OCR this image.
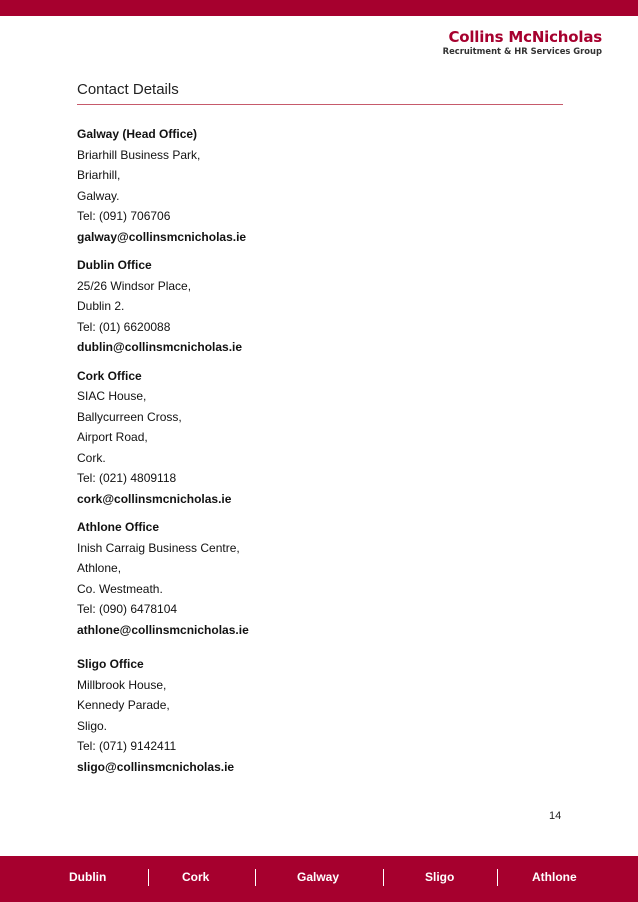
Collins McNicholas
Recruitment & HR Services Group
Contact Details
Galway (Head Office)
Briarhill Business Park,
Briarhill,
Galway.
Tel: (091) 706706
galway@collinsmcnicholas.ie
Dublin Office
25/26 Windsor Place,
Dublin 2.
Tel: (01) 6620088
dublin@collinsmcnicholas.ie
Cork Office
SIAC House,
Ballycurreen Cross,
Airport Road,
Cork.
Tel: (021) 4809118
cork@collinsmcnicholas.ie
Athlone Office
Inish Carraig Business Centre,
Athlone,
Co. Westmeath.
Tel: (090) 6478104
athlone@collinsmcnicholas.ie
Sligo Office
Millbrook House,
Kennedy Parade,
Sligo.
Tel: (071) 9142411
sligo@collinsmcnicholas.ie
14
Dublin	Cork	Galway	Sligo	Athlone
